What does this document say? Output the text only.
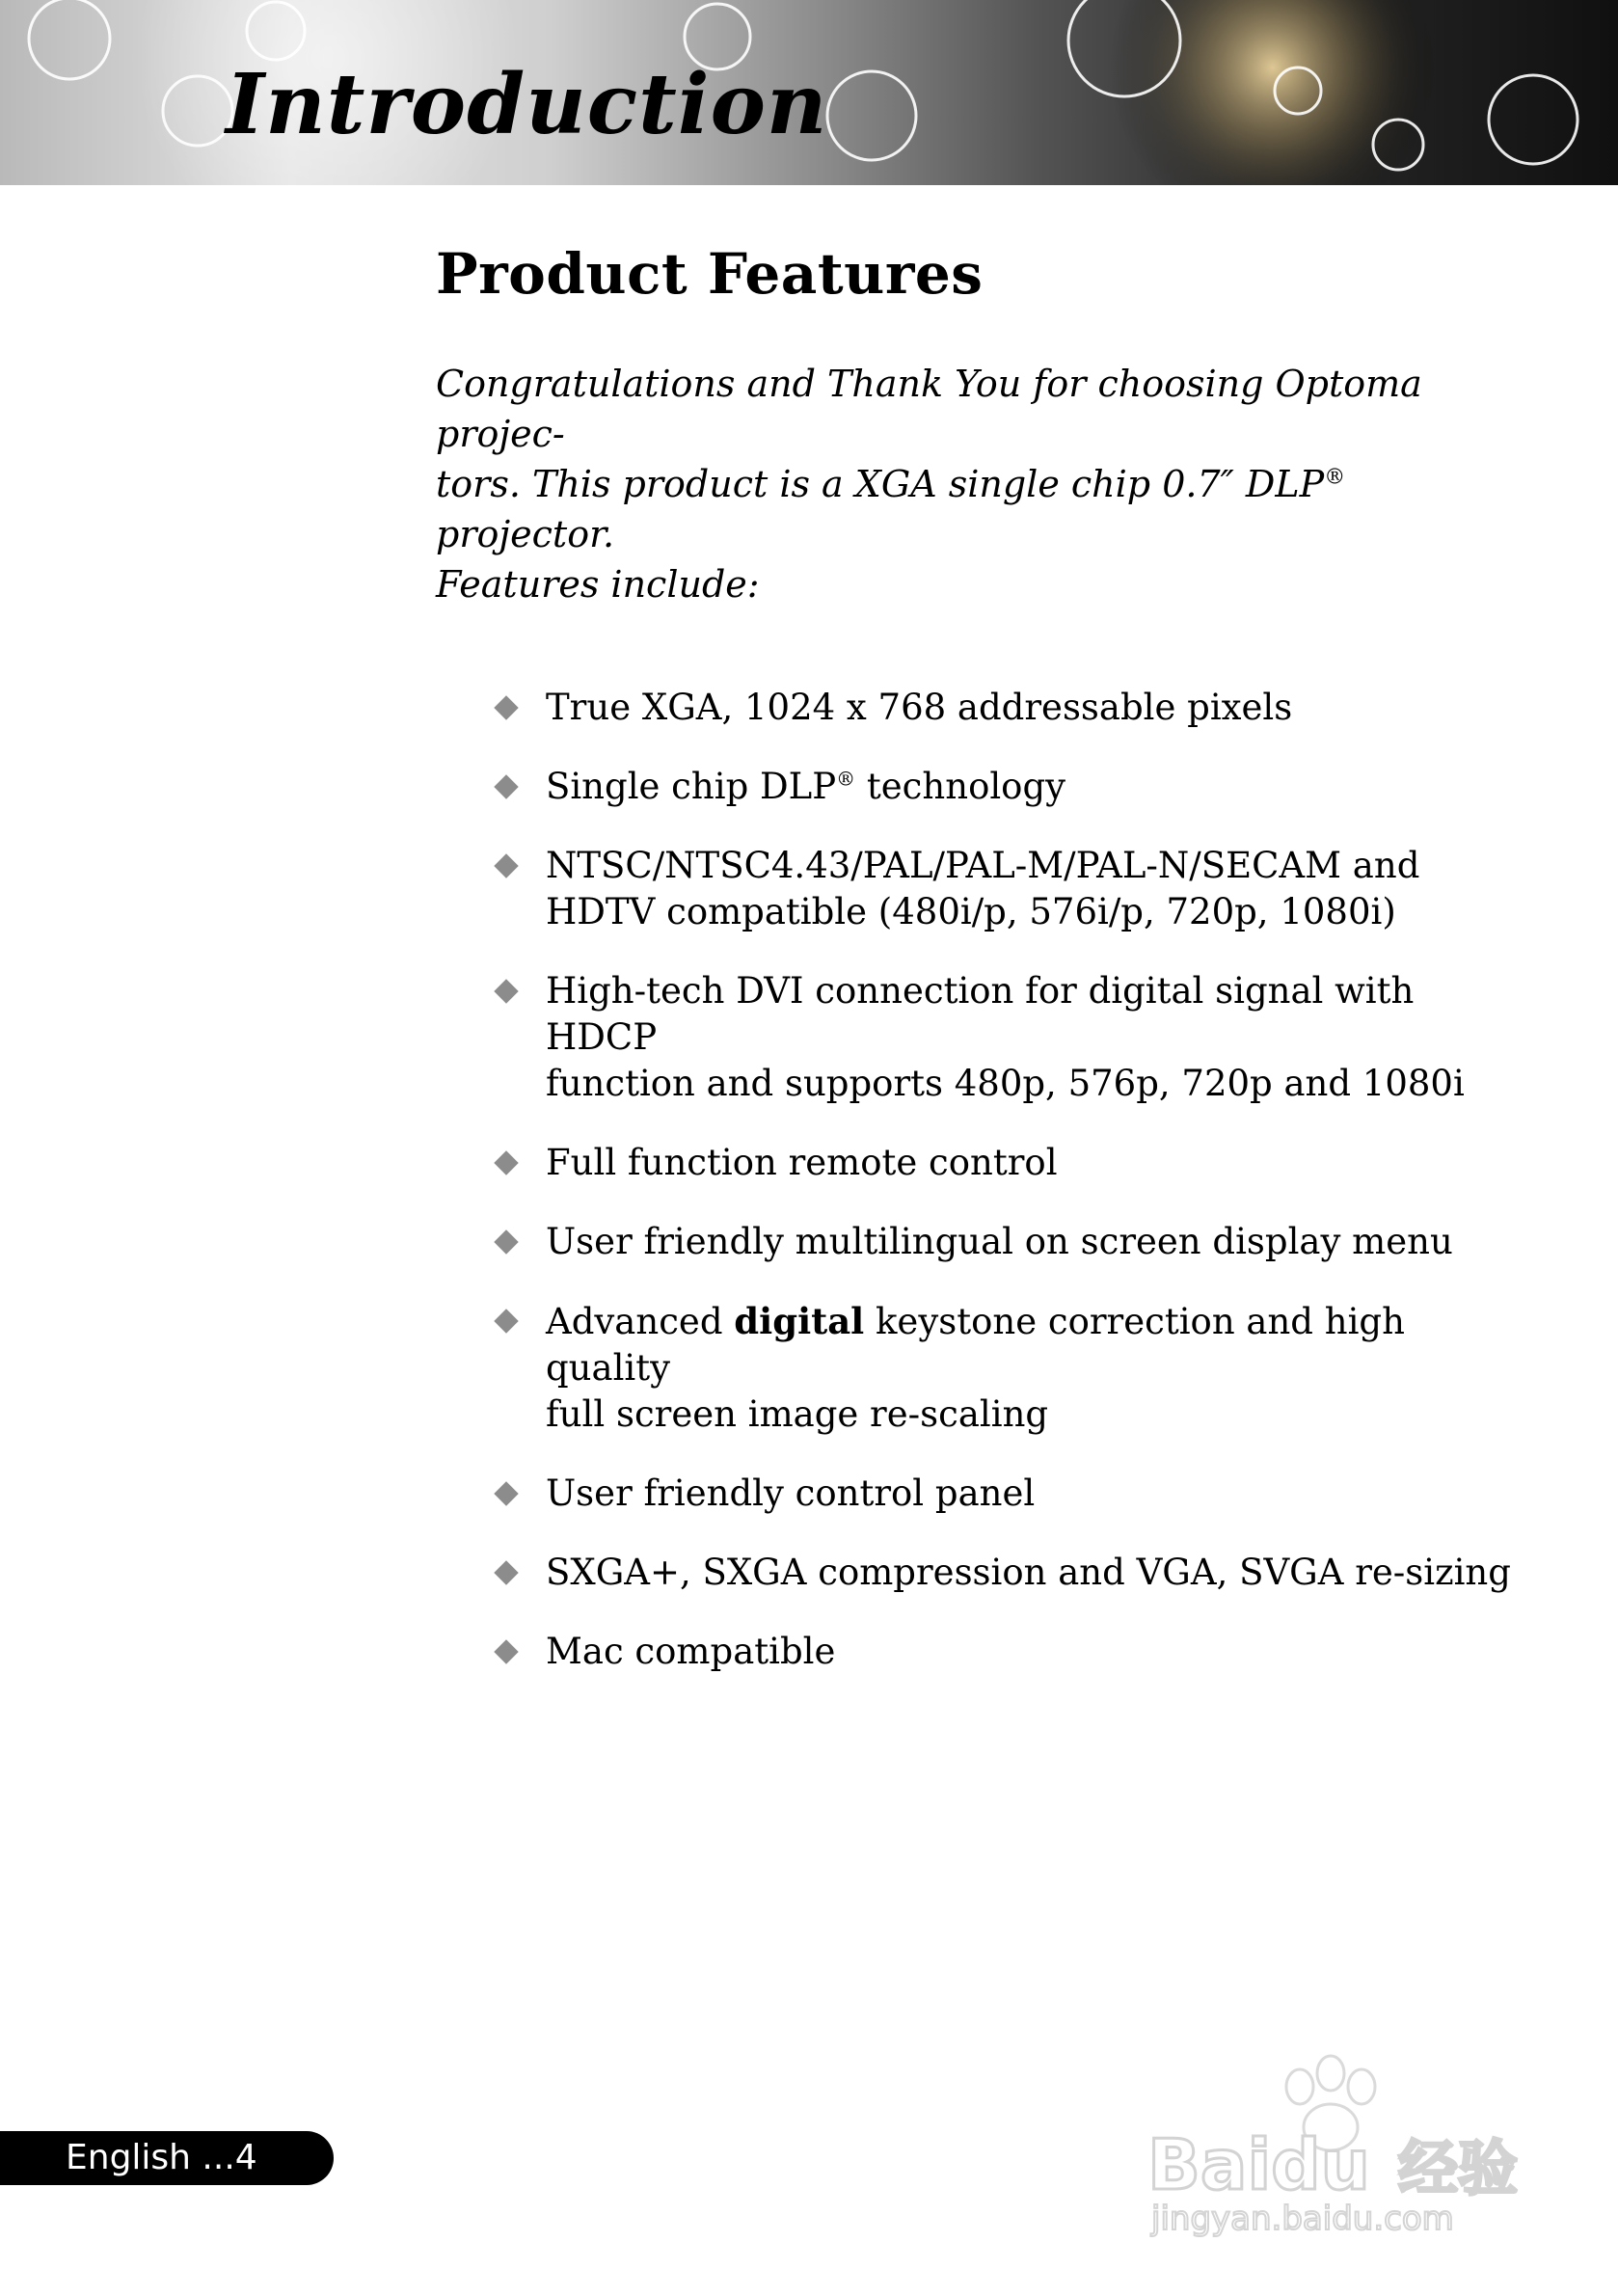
Introduction
Product Features

Congratulations and Thank You for choosing Optoma projec-
tors. This product is a XGA single chip 0.7″ DLP® projector.
Features include:

True XGA, 1024 x 768 addressable pixels
Single chip DLP® technology
NTSC/NTSC4.43/PAL/PAL-M/PAL-N/SECAM and
HDTV compatible (480i/p, 576i/p, 720p, 1080i)
High-tech DVI connection for digital signal with HDCP
function and supports 480p, 576p, 720p and 1080i
Full function remote control
User friendly multilingual on screen display menu
Advanced digital keystone correction and high quality
full screen image re-scaling
User friendly control panel
SXGA+, SXGA compression and VGA, SVGA re-sizing
Mac compatible
English ...4	Baidu 经验
jingyan.baidu.com
